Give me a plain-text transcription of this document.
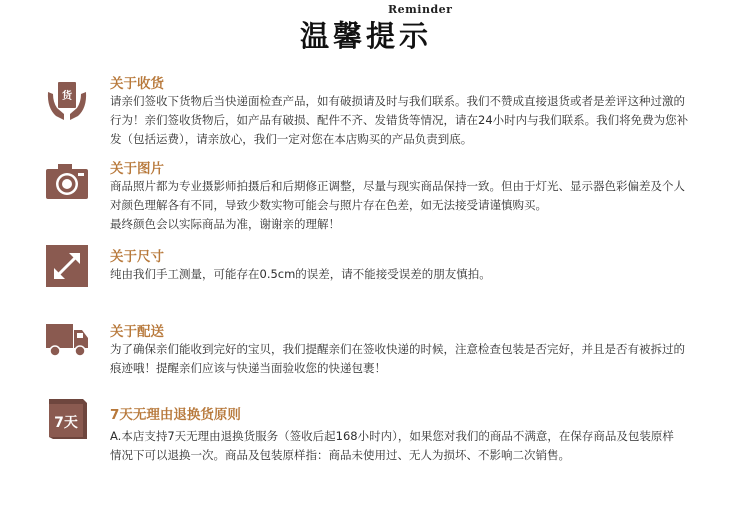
Reminder
温馨提示
货
关于收货
请亲们签收下货物后当快递面检查产品，如有破损请及时与我们联系。我们不赞成直接退货或者是差评这种过激的
行为！亲们签收货物后，如产品有破损、配件不齐、发错货等情况，请在24小时内与我们联系。我们将免费为您补
发（包括运费），请亲放心，我们一定对您在本店购买的产品负责到底。
关于图片
商品照片都为专业摄影师拍摄后和后期修正调整，尽量与现实商品保持一致。但由于灯光、显示器色彩偏差及个人
对颜色理解各有不同，导致少数实物可能会与照片存在色差，如无法接受请谨慎购买。
最终颜色会以实际商品为准，谢谢亲的理解！
关于尺寸
纯由我们手工测量，可能存在0.5cm的误差，请不能接受误差的朋友慎拍。
关于配送
为了确保亲们能收到完好的宝贝，我们提醒亲们在签收快递的时候，注意检查包装是否完好，并且是否有被拆过的
痕迹哦！提醒亲们应该与快递当面验收您的快递包裹！
7天 7天无理由退换货原则
A.本店支持7天无理由退换货服务（签收后起168小时内），如果您对我们的商品不满意，在保存商品及包装原样
情况下可以退换一次。商品及包装原样指：商品未使用过、无人为损坏、不影响二次销售。
